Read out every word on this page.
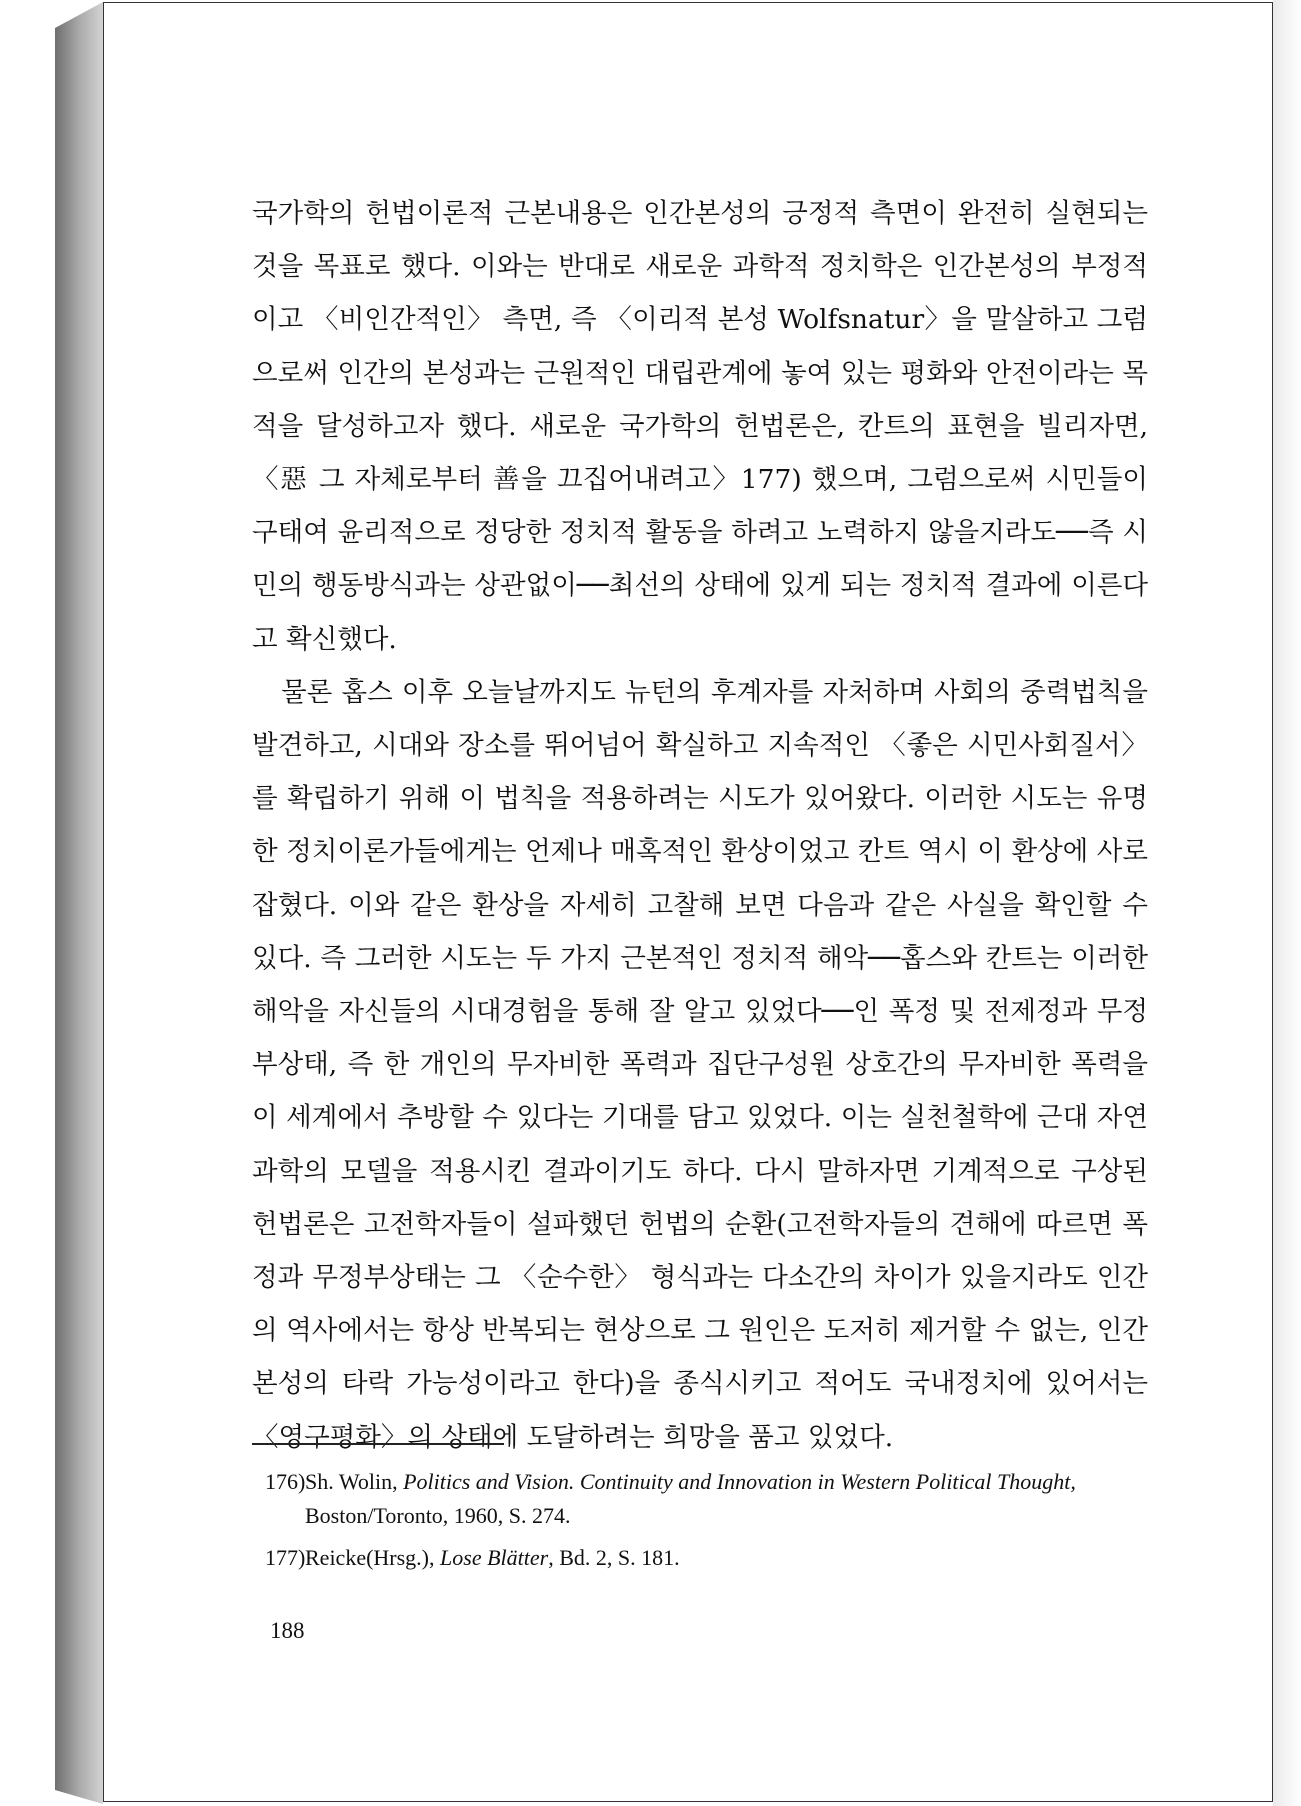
국가학의 헌법이론적 근본내용은 인간본성의 긍정적 측면이 완전히 실현되는 것을 목표로 했다. 이와는 반대로 새로운 과학적 정치학은 인간본성의 부정적이고 〈비인간적인〉 측면, 즉 〈이리적 본성 Wolfsnatur〉을 말살하고 그럼으로써 인간의 본성과는 근원적인 대립관계에 놓여 있는 평화와 안전이라는 목적을 달성하고자 했다. 새로운 국가학의 헌법론은, 칸트의 표현을 빌리자면, 〈惡 그 자체로부터 善을 끄집어내려고〉177) 했으며, 그럼으로써 시민들이 구태여 윤리적으로 정당한 정치적 활동을 하려고 노력하지 않을지라도──즉 시민의 행동방식과는 상관없이──최선의 상태에 있게 되는 정치적 결과에 이른다고 확신했다.

물론 홉스 이후 오늘날까지도 뉴턴의 후계자를 자처하며 사회의 중력법칙을 발견하고, 시대와 장소를 뛰어넘어 확실하고 지속적인 〈좋은 시민사회질서〉를 확립하기 위해 이 법칙을 적용하려는 시도가 있어왔다. 이러한 시도는 유명한 정치이론가들에게는 언제나 매혹적인 환상이었고 칸트 역시 이 환상에 사로잡혔다. 이와 같은 환상을 자세히 고찰해 보면 다음과 같은 사실을 확인할 수 있다. 즉 그러한 시도는 두 가지 근본적인 정치적 해악──홉스와 칸트는 이러한 해악을 자신들의 시대경험을 통해 잘 알고 있었다──인 폭정 및 전제정과 무정부상태, 즉 한 개인의 무자비한 폭력과 집단구성원 상호간의 무자비한 폭력을 이 세계에서 추방할 수 있다는 기대를 담고 있었다. 이는 실천철학에 근대 자연과학의 모델을 적용시킨 결과이기도 하다. 다시 말하자면 기계적으로 구상된 헌법론은 고전학자들이 설파했던 헌법의 순환(고전학자들의 견해에 따르면 폭정과 무정부상태는 그 〈순수한〉 형식과는 다소간의 차이가 있을지라도 인간의 역사에서는 항상 반복되는 현상으로 그 원인은 도저히 제거할 수 없는, 인간본성의 타락 가능성이라고 한다)을 종식시키고 적어도 국내정치에 있어서는 〈영구평화〉의 상태에 도달하려는 희망을 품고 있었다.

176) Sh. Wolin, Politics and Vision. Continuity and Innovation in Western Political Thought, Boston/Toronto, 1960, S. 274.
177) Reicke(Hrsg.), Lose Blätter, Bd. 2, S. 181.
188
